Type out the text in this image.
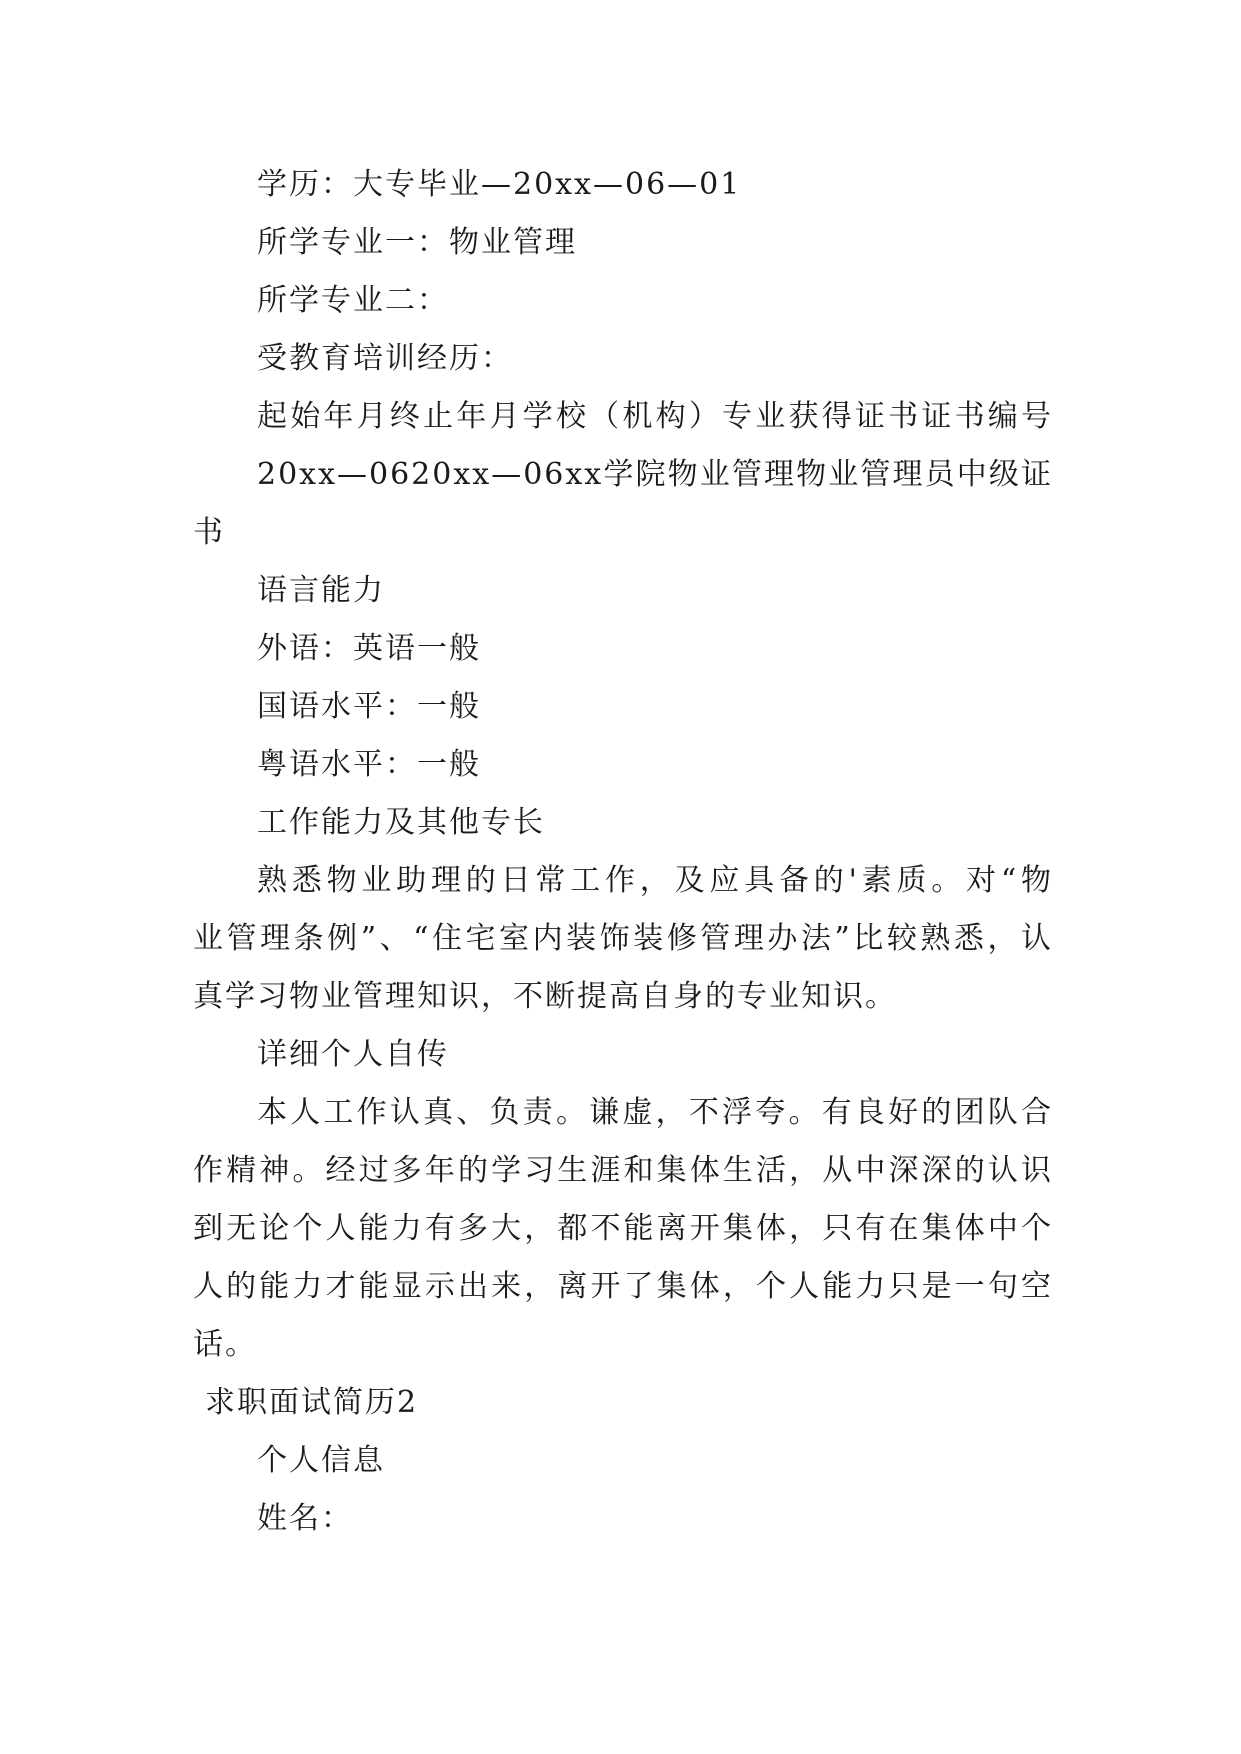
学历：大专毕业—20xx—06—01
所学专业一：物业管理
所学专业二：
受教育培训经历：
起始年月终止年月学校（机构）专业获得证书证书编号
20xx—0620xx—06xx学院物业管理物业管理员中级证
书
语言能力
外语：英语一般
国语水平：一般
粤语水平：一般
工作能力及其他专长
熟悉物业助理的日常工作，及应具备的'素质。对“物
业管理条例”、“住宅室内装饰装修管理办法”比较熟悉，认
真学习物业管理知识，不断提高自身的专业知识。
详细个人自传
本人工作认真、负责。谦虚，不浮夸。有良好的团队合
作精神。经过多年的学习生涯和集体生活，从中深深的认识
到无论个人能力有多大，都不能离开集体，只有在集体中个
人的能力才能显示出来，离开了集体，个人能力只是一句空
话。
求职面试简历2
个人信息
姓名：
